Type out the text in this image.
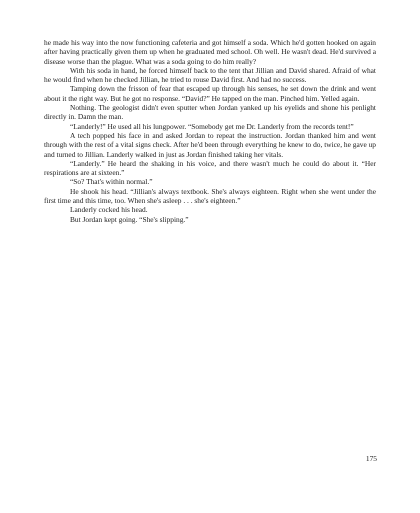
he made his way into the now functioning cafeteria and got himself a soda. Which he'd gotten hooked on again after having practically given them up when he graduated med school. Oh well. He wasn't dead. He'd survived a disease worse than the plague. What was a soda going to do him really?

With his soda in hand, he forced himself back to the tent that Jillian and David shared. Afraid of what he would find when he checked Jillian, he tried to rouse David first. And had no success.

Tamping down the frisson of fear that escaped up through his senses, he set down the drink and went about it the right way. But he got no response. “David?” He tapped on the man. Pinched him. Yelled again.

Nothing. The geologist didn't even sputter when Jordan yanked up his eyelids and shone his penlight directly in. Damn the man.

“Landerly!” He used all his lungpower. “Somebody get me Dr. Landerly from the records tent!”

A tech popped his face in and asked Jordan to repeat the instruction. Jordan thanked him and went through with the rest of a vital signs check. After he'd been through everything he knew to do, twice, he gave up and turned to Jillian. Landerly walked in just as Jordan finished taking her vitals.

“Landerly.” He heard the shaking in his voice, and there wasn't much he could do about it. “Her respirations are at sixteen.”

“So? That's within normal.”

He shook his head. “Jillian's always textbook. She's always eighteen. Right when she went under the first time and this time, too. When she's asleep . . . she's eighteen.”

Landerly cocked his head.

But Jordan kept going. “She's slipping.”

175
